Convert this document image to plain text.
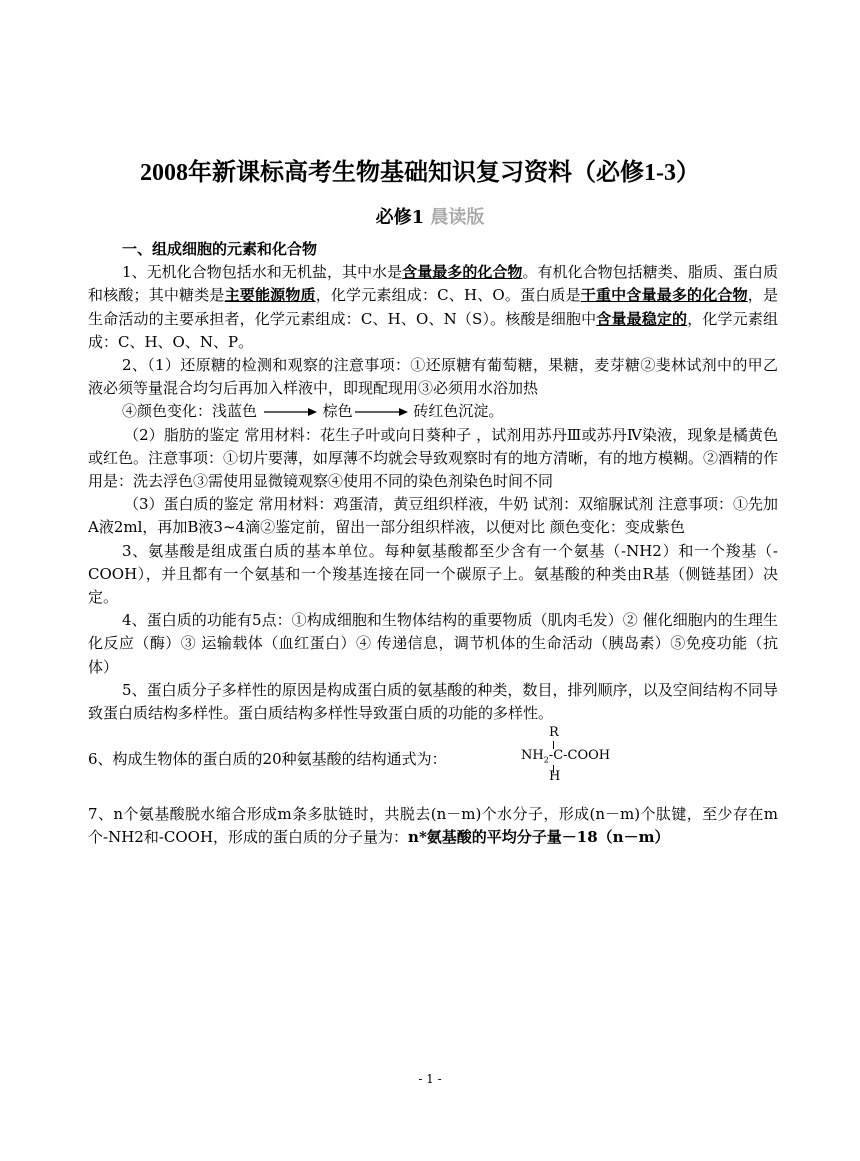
2008年新课标高考生物基础知识复习资料（必修1-3）
必修1 晨读版

一、组成细胞的元素和化合物

1、无机化合物包括水和无机盐，其中水是含量最多的化合物。有机化合物包括糖类、脂质、蛋白质和核酸；其中糖类是主要能源物质，化学元素组成：C、H、O。蛋白质是干重中含量最多的化合物，是生命活动的主要承担者，化学元素组成：C、H、O、N（S）。核酸是细胞中含量最稳定的，化学元素组成：C、H、O、N、P。

2、（1）还原糖的检测和观察的注意事项：①还原糖有葡萄糖，果糖，麦芽糖②斐林试剂中的甲乙液必须等量混合均匀后再加入样液中，即现配现用③必须用水浴加热

④颜色变化：浅蓝色	棕色	砖红色沉淀。

（2）脂肪的鉴定 常用材料：花生子叶或向日葵种子 ，试剂用苏丹Ⅲ或苏丹Ⅳ染液，现象是橘黄色或红色。注意事项：①切片要薄，如厚薄不均就会导致观察时有的地方清晰，有的地方模糊。②酒精的作用是：洗去浮色③需使用显微镜观察④使用不同的染色剂染色时间不同

（3）蛋白质的鉴定 常用材料：鸡蛋清，黄豆组织样液，牛奶 试剂：双缩脲试剂 注意事项：①先加A液2ml，再加B液3~4滴②鉴定前，留出一部分组织样液，以便对比 颜色变化：变成紫色

3、氨基酸是组成蛋白质的基本单位。每种氨基酸都至少含有一个氨基（-NH2）和一个羧基（-COOH），并且都有一个氨基和一个羧基连接在同一个碳原子上。氨基酸的种类由R基（侧链基团）决定。

4、蛋白质的功能有5点：①构成细胞和生物体结构的重要物质（肌肉毛发）② 催化细胞内的生理生化反应（酶）③ 运输载体（血红蛋白）④ 传递信息，调节机体的生命活动（胰岛素）⑤免疫功能（抗体）

5、蛋白质分子多样性的原因是构成蛋白质的氨基酸的种类，数目，排列顺序，以及空间结构不同导致蛋白质结构多样性。蛋白质结构多样性导致蛋白质的功能的多样性。

6、构成生物体的蛋白质的20种氨基酸的结构通式为：
R
$NH_2-C$-COOH
H

7、n个氨基酸脱水缩合形成m条多肽链时，共脱去(n－m)个水分子，形成(n－m)个肽键，至少存在m个-NH2和-COOH，形成的蛋白质的分子量为：n*氨基酸的平均分子量－18（n－m）

- 1 -
